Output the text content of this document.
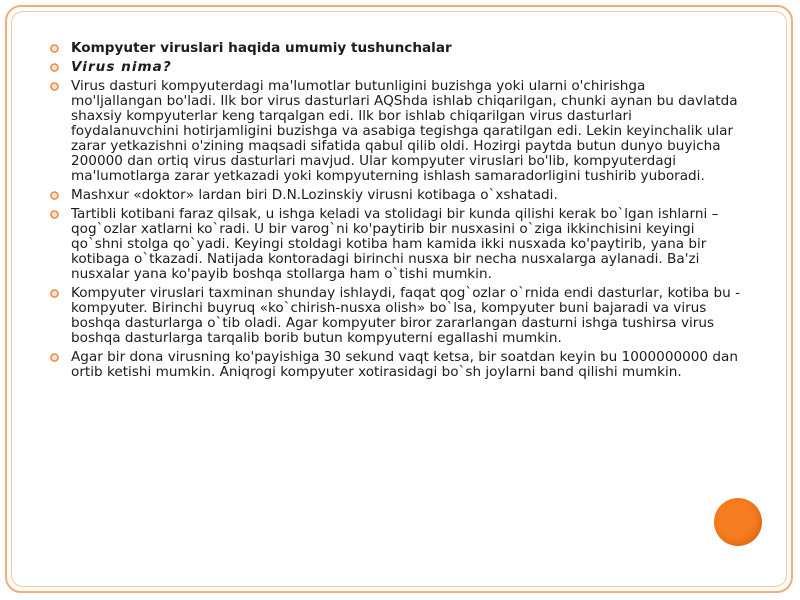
Kompyuter viruslari haqida umumiy tushunchalar
Virus nima?
Virus dasturi kompyuterdagi ma'lumotlar butunligini buzishga yoki ularni o'chirishga mo'ljallangan bo'ladi. Ilk bor virus dasturlari AQShda ishlab chiqarilgan, chunki aynan bu davlatda shaxsiy kompyuterlar keng tarqalgan edi. Ilk bor ishlab chiqarilgan virus dasturlari foydalanuvchini hotirjamligini buzishga va asabiga tegishga qaratilgan edi. Lekin keyinchalik ular zarar yetkazishni o'zining maqsadi sifatida qabul qilib oldi. Hozirgi paytda butun dunyo buyicha 200000 dan ortiq virus dasturlari mavjud. Ular kompyuter viruslari bo'lib, kompyuterdagi ma'lumotlarga zarar yetkazadi yoki kompyuterning ishlash samaradorligini tushirib yuboradi.
Mashxur «doktor» lardan biri D.N.Lozinskiy virusni kotibaga o`xshatadi.
Tartibli kotibani faraz qilsak, u ishga keladi va stolidagi bir kunda qilishi kerak bo`lgan ishlarni – qog`ozlar xatlarni ko`radi. U bir varog`ni ko'paytirib bir nusxasini o`ziga ikkinchisini keyingi qo`shni stolga qo`yadi. Keyingi stoldagi kotiba ham kamida ikki nusxada ko'paytirib, yana bir kotibaga o`tkazadi. Natijada kontoradagi birinchi nusxa bir necha nusxalarga aylanadi. Ba'zi nusxalar yana ko'payib boshqa stollarga ham o`tishi mumkin.
Kompyuter viruslari taxminan shunday ishlaydi, faqat qog`ozlar o`rnida endi dasturlar, kotiba bu - kompyuter. Birinchi buyruq «ko`chirish-nusxa olish» bo`lsa, kompyuter buni bajaradi va virus boshqa dasturlarga o`tib oladi. Agar kompyuter biror zararlangan dasturni ishga tushirsa virus boshqa dasturlarga tarqalib borib butun kompyuterni egallashi mumkin.
Agar bir dona virusning ko'payishiga 30 sekund vaqt ketsa, bir soatdan keyin bu 1000000000 dan ortib ketishi mumkin. Aniqrogi kompyuter xotirasidagi bo`sh joylarni band qilishi mumkin.
